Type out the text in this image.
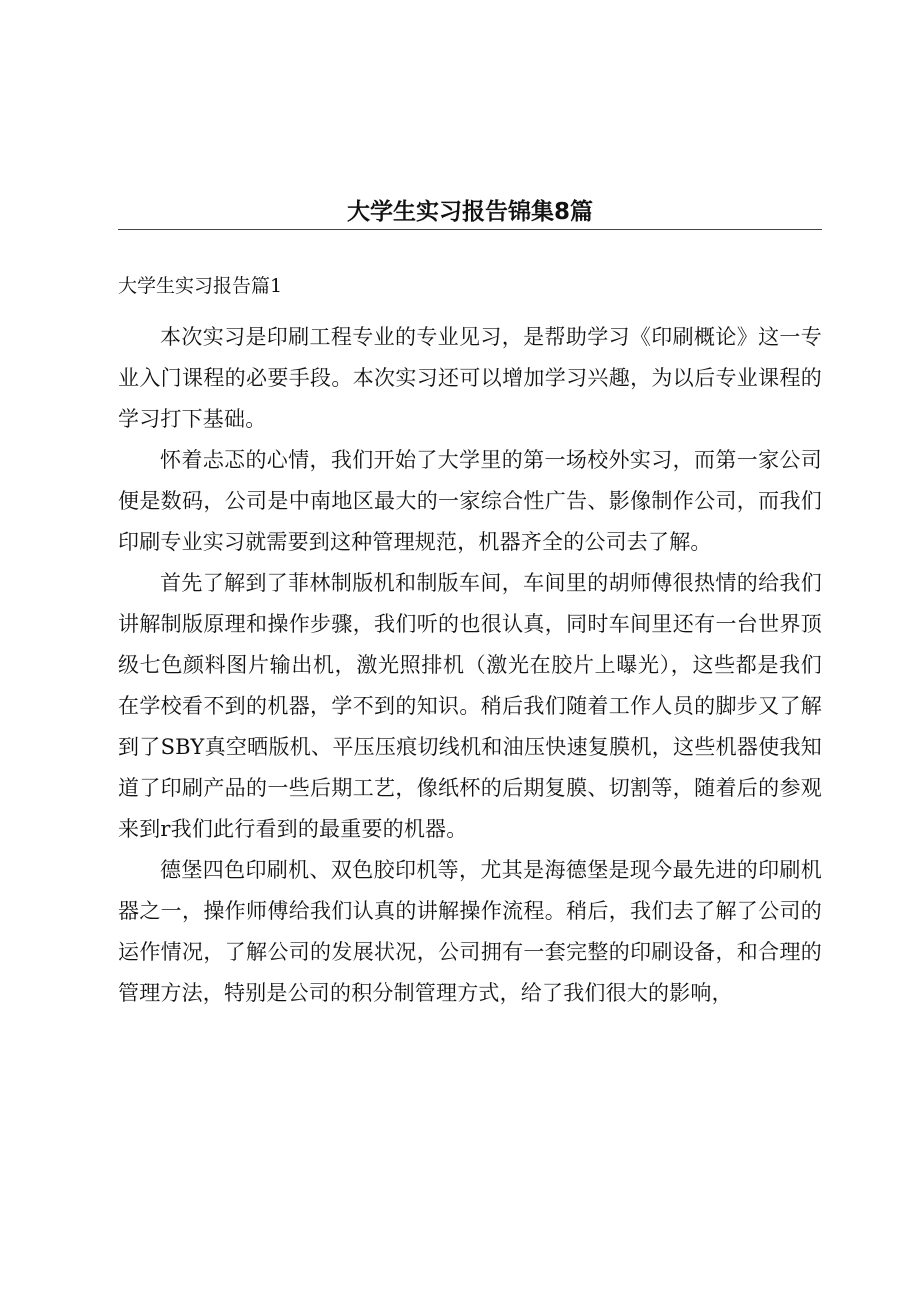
大学生实习报告锦集8篇
大学生实习报告篇1

本次实习是印刷工程专业的专业见习，是帮助学习《印刷概论》这一专业入门课程的必要手段。本次实习还可以增加学习兴趣，为以后专业课程的学习打下基础。

怀着忐忑的心情，我们开始了大学里的第一场校外实习，而第一家公司便是数码，公司是中南地区最大的一家综合性广告、影像制作公司，而我们印刷专业实习就需要到这种管理规范，机器齐全的公司去了解。

首先了解到了菲林制版机和制版车间，车间里的胡师傅很热情的给我们讲解制版原理和操作步骤，我们听的也很认真，同时车间里还有一台世界顶级七色颜料图片输出机，激光照排机（激光在胶片上曝光），这些都是我们在学校看不到的机器，学不到的知识。稍后我们随着工作人员的脚步又了解到了SBY真空晒版机、平压压痕切线机和油压快速复膜机，这些机器使我知道了印刷产品的一些后期工艺，像纸杯的后期复膜、切割等，随着后的参观来到r我们此行看到的最重要的机器。

德堡四色印刷机、双色胶印机等，尤其是海德堡是现今最先进的印刷机器之一，操作师傅给我们认真的讲解操作流程。稍后，我们去了解了公司的运作情况，了解公司的发展状况，公司拥有一套完整的印刷设备，和合理的管理方法，特别是公司的积分制管理方式，给了我们很大的影响，
